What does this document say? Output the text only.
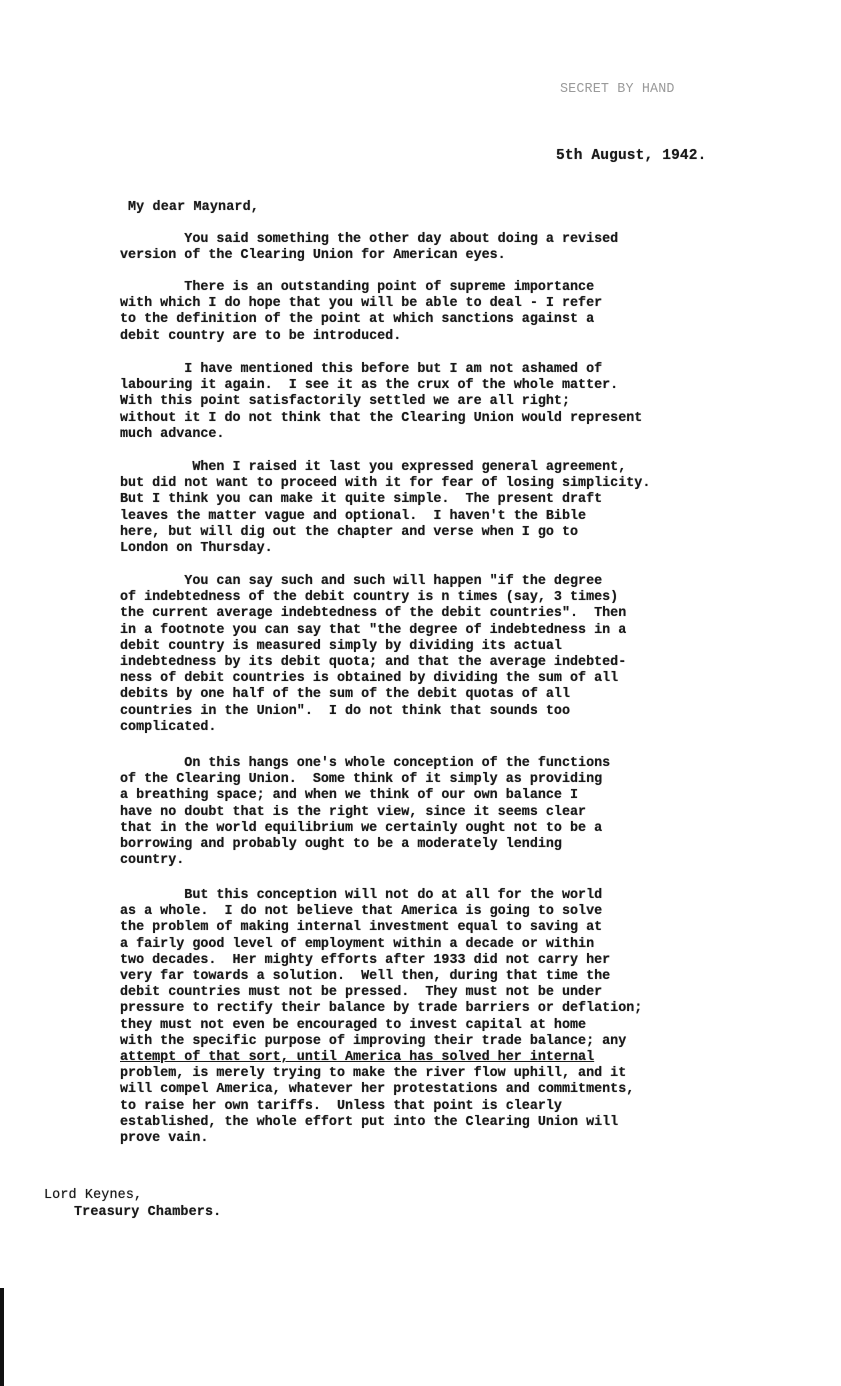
SECRET BY HAND
5th August, 1942.
My dear Maynard,
You said something the other day about doing a revised
version of the Clearing Union for American eyes.
There is an outstanding point of supreme importance
with which I do hope that you will be able to deal - I refer
to the definition of the point at which sanctions against a
debit country are to be introduced.
I have mentioned this before but I am not ashamed of
labouring it again.  I see it as the crux of the whole matter.
With this point satisfactorily settled we are all right;
without it I do not think that the Clearing Union would represent
much advance.
When I raised it last you expressed general agreement,
but did not want to proceed with it for fear of losing simplicity.
But I think you can make it quite simple.  The present draft
leaves the matter vague and optional.  I haven't the Bible
here, but will dig out the chapter and verse when I go to
London on Thursday.
You can say such and such will happen "if the degree
of indebtedness of the debit country is n times (say, 3 times)
the current average indebtedness of the debit countries".  Then
in a footnote you can say that "the degree of indebtedness in a
debit country is measured simply by dividing its actual
indebtedness by its debit quota; and that the average indebted-
ness of debit countries is obtained by dividing the sum of all
debits by one half of the sum of the debit quotas of all
countries in the Union".  I do not think that sounds too
complicated.
On this hangs one's whole conception of the functions
of the Clearing Union.  Some think of it simply as providing
a breathing space; and when we think of our own balance I
have no doubt that is the right view, since it seems clear
that in the world equilibrium we certainly ought not to be a
borrowing and probably ought to be a moderately lending
country.
But this conception will not do at all for the world
as a whole.  I do not believe that America is going to solve
the problem of making internal investment equal to saving at
a fairly good level of employment within a decade or within
two decades.  Her mighty efforts after 1933 did not carry her
very far towards a solution.  Well then, during that time the
debit countries must not be pressed.  They must not be under
pressure to rectify their balance by trade barriers or deflation;
they must not even be encouraged to invest capital at home
with the specific purpose of improving their trade balance; any
attempt of that sort, until America has solved her internal
problem, is merely trying to make the river flow uphill, and it
will compel America, whatever her protestations and commitments,
to raise her own tariffs.  Unless that point is clearly
established, the whole effort put into the Clearing Union will
prove vain.
Lord Keynes,
Treasury Chambers.
